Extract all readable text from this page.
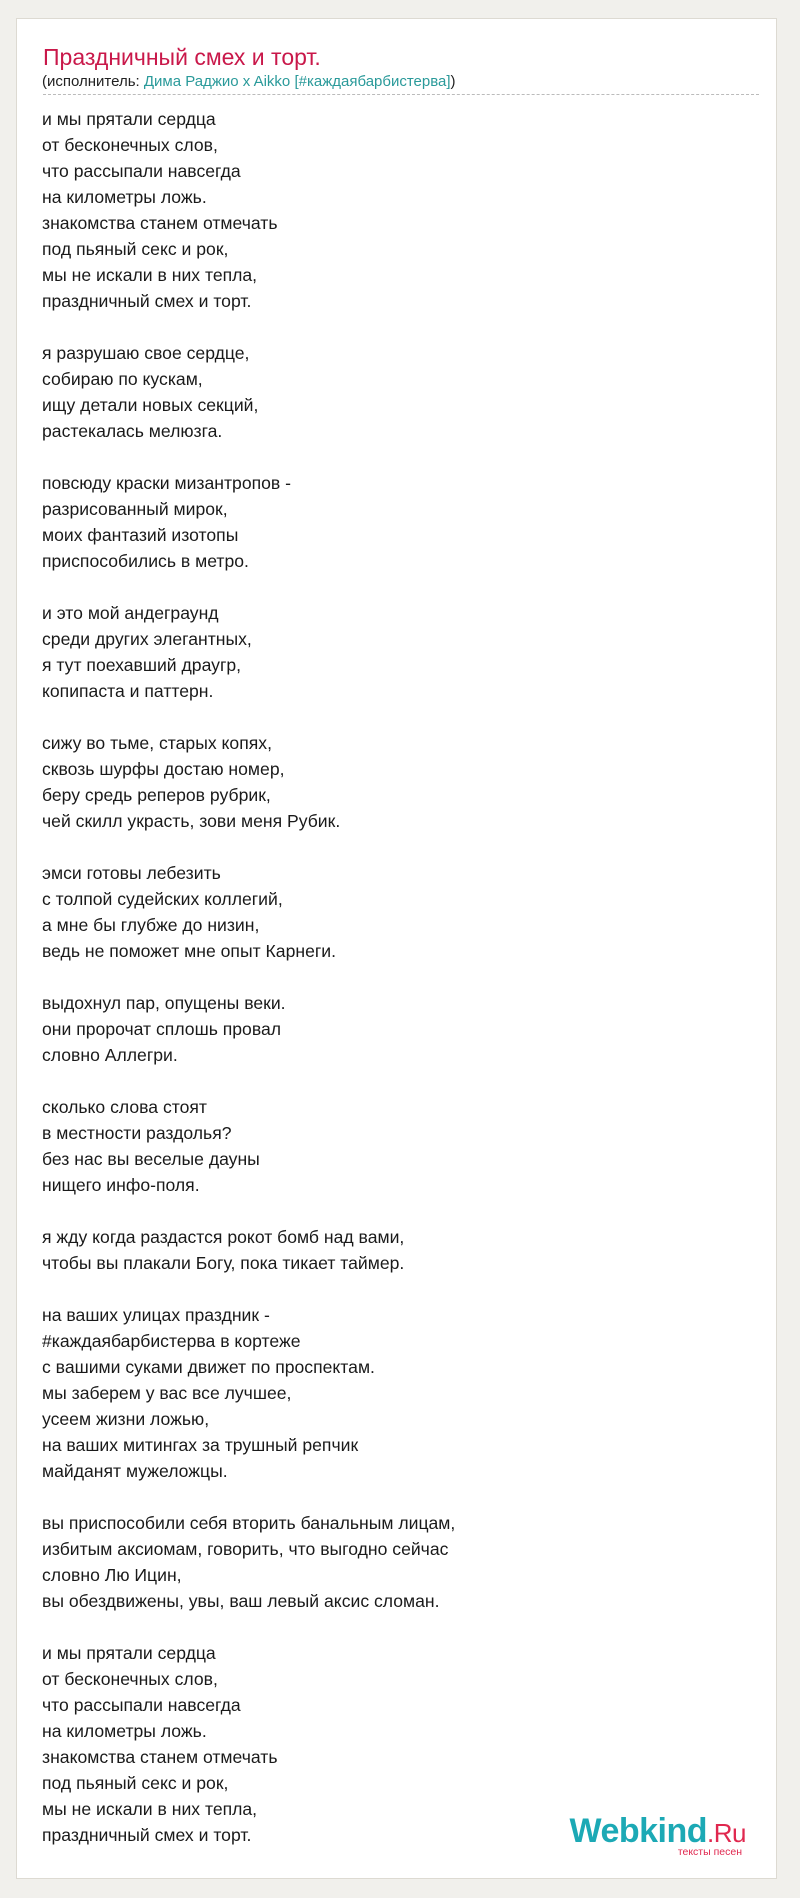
Праздничный смех и торт.
(исполнитель: Дима Раджио x Aikko [#каждаябарбистерва])
и мы прятали сердца
от бесконечных слов,
что рассыпали навсегда
на километры ложь.
знакомства станем отмечать
под пьяный секс и рок,
мы не искали в них тепла,
праздничный смех и торт.
я разрушаю свое сердце,
собираю по кускам,
ищу детали новых секций,
растекалась мелюзга.
повсюду краски мизантропов -
разрисованный мирок,
моих фантазий изотопы
приспособились в метро.
и это мой андеграунд
среди других элегантных,
я тут поехавший драугр,
копипаста и паттерн.
сижу во тьме, старых копях,
сквозь шурфы достаю номер,
беру средь реперов рубрик,
чей скилл украсть, зови меня Рубик.
эмси готовы лебезить
с толпой судейских коллегий,
а мне бы глубже до низин,
ведь не поможет мне опыт Карнеги.
выдохнул пар, опущены веки.
они пророчат сплошь провал
словно Аллегри.
сколько слова стоят
в местности раздолья?
без нас вы веселые дауны
нищего инфо-поля.
я жду когда раздастся рокот бомб над вами,
чтобы вы плакали Богу, пока тикает таймер.
на ваших улицах праздник -
#каждаябарбистерва в кортеже
с вашими суками движет по проспектам.
мы заберем у вас все лучшее,
усеем жизни ложью,
на ваших митингах за трушный репчик
майданят мужеложцы.
вы приспособили себя вторить банальным лицам,
избитым аксиомам, говорить, что выгодно сейчас
словно Лю Ицин,
вы обездвижены, увы, ваш левый аксис сломан.
и мы прятали сердца
от бесконечных слов,
что рассыпали навсегда
на километры ложь.
знакомства станем отмечать
под пьяный секс и рок,
мы не искали в них тепла,
праздничный смех и торт.	Webkind.Ru
тексты песен
